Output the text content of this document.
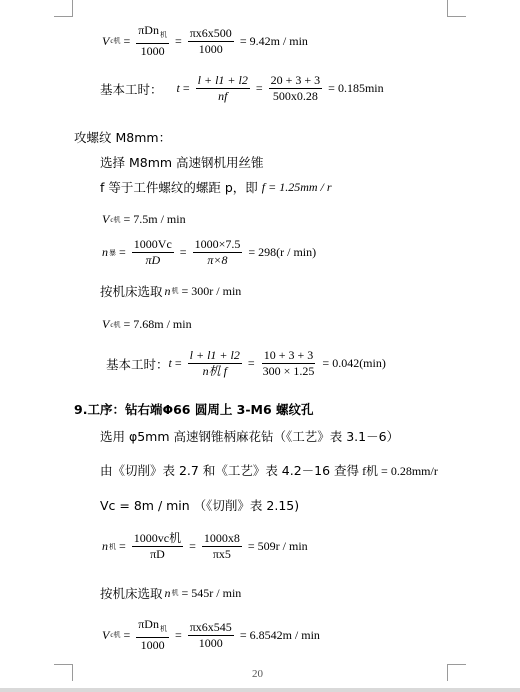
V c机 = $\frac{\pi Dn_机}{1000} = \frac{\pi x6x500}{1000} = 9.42m / \min$
基本工时： $t = \frac{l + l1 + l2}{nf} = \frac{20 + 3 + 3}{500x0.28} = 0.185\min$
攻螺纹 M8mm：
选择 M8mm 高速钢机用丝锥
f 等于工件螺纹的螺距 p，即 f = 1.25mm / r
V c机 = 7.5m / min
n 暴 = $\frac{1000Vc}{\pi D} = \frac{1000\times 7.5}{\pi\times 8} = 298(r / \min)$
按机床选取 n 机 = 300r / min
V c机 = 7.68m / min
基本工时： $t = \frac{l + l1 + l2}{\text{n机 f}} = \frac{10 + 3 + 3}{300 \times 1.25} = 0.042(\min)$
9.工序：钻右端Φ66 圆周上 3-M6 螺纹孔
选用 φ5mm 高速钢锥柄麻花钻（《工艺》表 3.1－6）
由《切削》表 2.7 和《工艺》表 4.2－16 查得 f机 = 0.28mm/r
Vc = 8m / min （《切削》表 2.15)
n 机 = $\frac{\text{1000vc机}}{\pi D} = \frac{1000x8}{\pi x5} = 509r / \min$
按机床选取 n 机 = 545r / min
V c机 = $\frac{\pi Dn_机}{1000} = \frac{\pi x6x545}{1000} = 6.8542m / \min$
20
